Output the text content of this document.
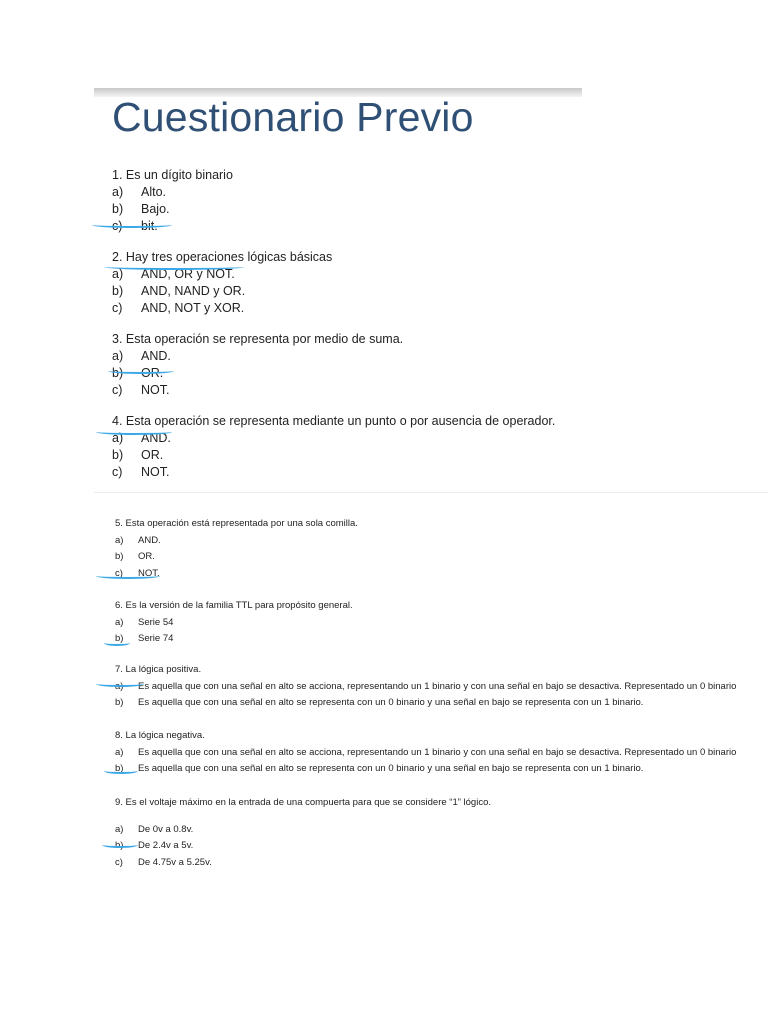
Cuestionario Previo
1. Es un dígito binario
a)	Alto.
b)	Bajo.
c)	bit.
2. Hay tres operaciones lógicas básicas
a)	AND, OR y NOT.
b)	AND, NAND y OR.
c)	AND, NOT y XOR.
3. Esta operación se representa por medio de suma.
a)	AND.
b)	OR.
c)	NOT.
4. Esta operación se representa mediante un punto o por ausencia de operador.
a)	AND.
b)	OR.
c)	NOT.
5. Esta operación está representada por una sola comilla.
a)	AND.
b)	OR.
c)	NOT.
6. Es la versión de la familia TTL para propósito general.
a)	Serie 54
b)	Serie 74
7. La lógica positiva.
a)	Es aquella que con una señal en alto se acciona, representando un 1 binario y con una señal en bajo se desactiva. Representado un 0 binario
b)	Es aquella que con una señal en alto se representa con un 0 binario y una señal en bajo se representa con un 1 binario.
8. La lógica negativa.
a)	Es aquella que con una señal en alto se acciona, representando un 1 binario y con una señal en bajo se desactiva. Representado un 0 binario
b)	Es aquella que con una señal en alto se representa con un 0 binario y una señal en bajo se representa con un 1 binario.
9. Es el voltaje máximo en la entrada de una compuerta para que se considere “1” lógico.
a)	De 0v a 0.8v.
b)	De 2.4v a 5v.
c)	De 4.75v a 5.25v.
